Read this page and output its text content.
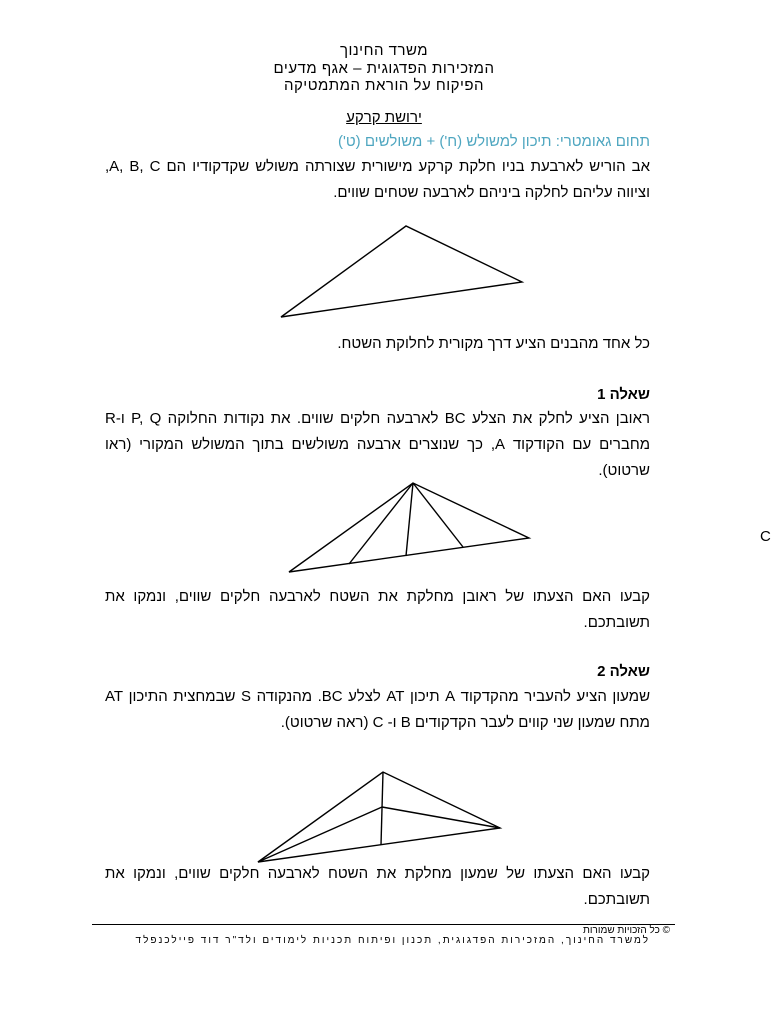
משרד החינוך
המזכירות הפדגוגית – אגף מדעים
הפיקוח על הוראת המתמטיקה
ירושת קרקע
תחום גאומטרי: תיכון למשולש (ח') + משולשים (ט')
אב הוריש לארבעת בניו חלקת קרקע מישורית שצורתה משולש שקדקודיו הם A, B, C, וציווה עליהם לחלקה ביניהם לארבעה שטחים שווים.
כל אחד מהבנים הציע דרך מקורית לחלוקת השטח.
שאלה 1
ראובן הציע לחלק את הצלע BC לארבעה חלקים שווים. את נקודות החלוקה P, Q ו-R מחברים עם הקודקוד A, כך שנוצרים ארבעה משולשים בתוך המשולש המקורי (ראו שרטוט).
C
קבעו האם הצעתו של ראובן מחלקת את השטח לארבעה חלקים שווים, ונמקו את תשובתכם.
שאלה 2
שמעון הציע להעביר מהקדקוד A תיכון AT לצלע BC. מהנקודה S שבמחצית התיכון AT מתח שמעון שני קווים לעבר הקדקודים B ו- C (ראה שרטוט).
קבעו האם הצעתו של שמעון מחלקת את השטח לארבעה חלקים שווים, ונמקו את תשובתכם.
© כל הזכויות שמורות
למשרד החינוך, המזכירות הפדגוגית, תכנון ופיתוח תכניות לימודים ולד"ר דוד פיילכנפלד
